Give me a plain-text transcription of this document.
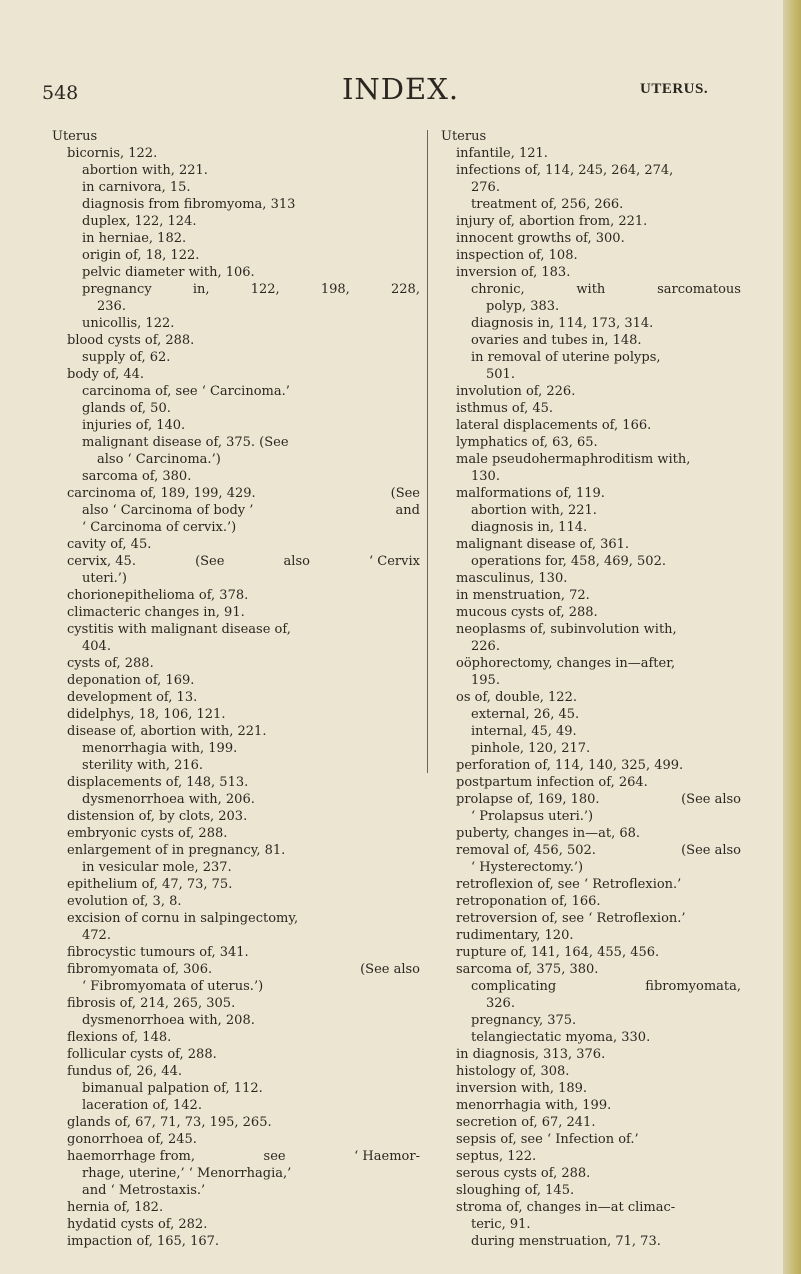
548	INDEX.	UTERUS.
Uterus
bicornis, 122.
abortion with, 221.
in carnivora, 15.
diagnosis from fibromyoma, 313
duplex, 122, 124.
in herniae, 182.
origin of, 18, 122.
pelvic diameter with, 106.
pregnancy	in,	122,	198,	228,
236.
unicollis, 122.
blood cysts of, 288.
supply of, 62.
body of, 44.
carcinoma of, see ‘ Carcinoma.’
glands of, 50.
injuries of, 140.
malignant disease of, 375. (See
also ‘ Carcinoma.’)
sarcoma of, 380.
carcinoma of, 189, 199, 429.	(See
also ‘ Carcinoma of body ’	and
‘ Carcinoma of cervix.’)
cavity of, 45.
cervix, 45.	(See	also	‘ Cervix
uteri.’)
chorionepithelioma of, 378.
climacteric changes in, 91.
cystitis with malignant disease of,
404.
cysts of, 288.
deponation of, 169.
development of, 13.
didelphys, 18, 106, 121.
disease of, abortion with, 221.
menorrhagia with, 199.
sterility with, 216.
displacements of, 148, 513.
dysmenorrhoea with, 206.
distension of, by clots, 203.
embryonic cysts of, 288.
enlargement of in pregnancy, 81.
in vesicular mole, 237.
epithelium of, 47, 73, 75.
evolution of, 3, 8.
excision of cornu in salpingectomy,
472.
fibrocystic tumours of, 341.
fibromyomata of, 306.	(See also
‘ Fibromyomata of uterus.’)
fibrosis of, 214, 265, 305.
dysmenorrhoea with, 208.
flexions of, 148.
follicular cysts of, 288.
fundus of, 26, 44.
bimanual palpation of, 112.
laceration of, 142.
glands of, 67, 71, 73, 195, 265.
gonorrhoea of, 245.
haemorrhage from,	see	‘ Haemor-
rhage, uterine,’ ‘ Menorrhagia,’
and ‘ Metrostaxis.’
hernia of, 182.
hydatid cysts of, 282.
impaction of, 165, 167.
Uterus
infantile, 121.
infections of, 114, 245, 264, 274,
276.
treatment of, 256, 266.
injury of, abortion from, 221.
innocent growths of, 300.
inspection of, 108.
inversion of, 183.
chronic,	with	sarcomatous
polyp, 383.
diagnosis in, 114, 173, 314.
ovaries and tubes in, 148.
in removal of uterine polyps,
501.
involution of, 226.
isthmus of, 45.
lateral displacements of, 166.
lymphatics of, 63, 65.
male pseudohermaphroditism with,
130.
malformations of, 119.
abortion with, 221.
diagnosis in, 114.
malignant disease of, 361.
operations for, 458, 469, 502.
masculinus, 130.
in menstruation, 72.
mucous cysts of, 288.
neoplasms of, subinvolution with,
226.
oöphorectomy, changes in—after,
195.
os of, double, 122.
external, 26, 45.
internal, 45, 49.
pinhole, 120, 217.
perforation of, 114, 140, 325, 499.
postpartum infection of, 264.
prolapse of, 169, 180.	(See also
‘ Prolapsus uteri.’)
puberty, changes in—at, 68.
removal of, 456, 502.	(See also
‘ Hysterectomy.’)
retroflexion of, see ‘ Retroflexion.’
retroponation of, 166.
retroversion of, see ‘ Retroflexion.’
rudimentary, 120.
rupture of, 141, 164, 455, 456.
sarcoma of, 375, 380.
complicating	fibromyomata,
326.
pregnancy, 375.
telangiectatic myoma, 330.
in diagnosis, 313, 376.
histology of, 308.
inversion with, 189.
menorrhagia with, 199.
secretion of, 67, 241.
sepsis of, see ‘ Infection of.’
septus, 122.
serous cysts of, 288.
sloughing of, 145.
stroma of, changes in—at climac-
teric, 91.
during menstruation, 71, 73.
